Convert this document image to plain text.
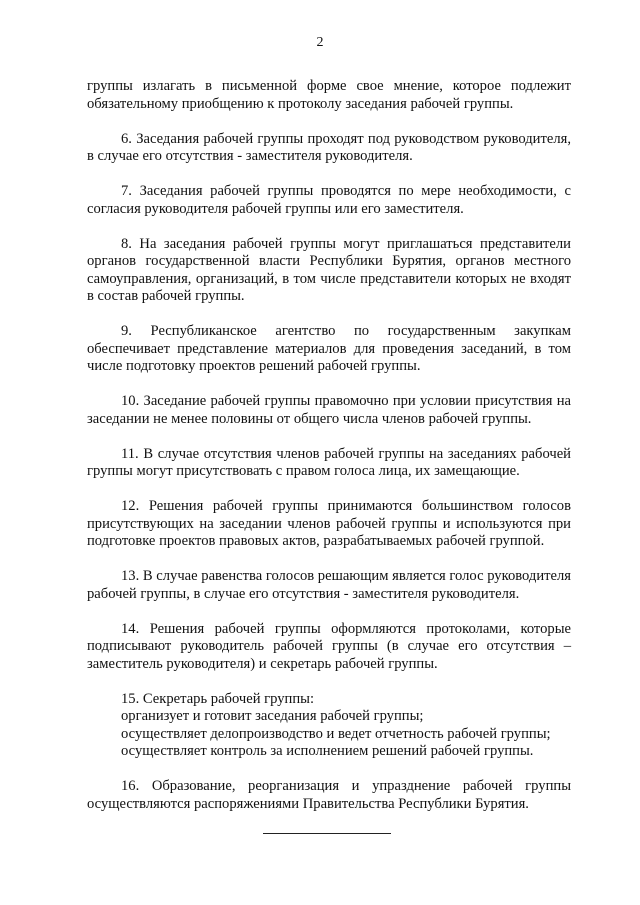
2

группы излагать в письменной форме свое мнение, которое подлежит обязательному приобщению к протоколу заседания рабочей группы.

6. Заседания рабочей группы проходят под руководством руководителя, в случае его отсутствия - заместителя руководителя.

7. Заседания рабочей группы проводятся по мере необходимости, с согласия руководителя рабочей группы или его заместителя.

8. На заседания рабочей группы могут приглашаться представители органов государственной власти Республики Бурятия, органов местного самоуправления, организаций, в том числе представители которых не входят в состав рабочей группы.

9. Республиканское агентство по государственным закупкам обеспечивает представление материалов для проведения заседаний, в том числе подготовку проектов решений рабочей группы.

10. Заседание рабочей группы правомочно при условии присутствия на заседании не менее половины от общего числа членов рабочей группы.

11. В случае отсутствия членов рабочей группы на заседаниях рабочей группы могут присутствовать с правом голоса лица, их замещающие.

12. Решения рабочей группы принимаются большинством голосов присутствующих на заседании членов рабочей группы и используются при подготовке проектов правовых актов, разрабатываемых рабочей группой.

13. В случае равенства голосов решающим является голос руководителя рабочей группы, в случае его отсутствия - заместителя руководителя.

14. Решения рабочей группы оформляются протоколами, которые подписывают руководитель рабочей группы (в случае его отсутствия – заместитель руководителя) и секретарь рабочей группы.

15. Секретарь рабочей группы:
организует и готовит заседания рабочей группы;
осуществляет делопроизводство и ведет отчетность рабочей группы;
осуществляет контроль за исполнением решений рабочей группы.

16. Образование, реорганизация и упразднение рабочей группы осуществляются распоряжениями Правительства Республики Бурятия.
